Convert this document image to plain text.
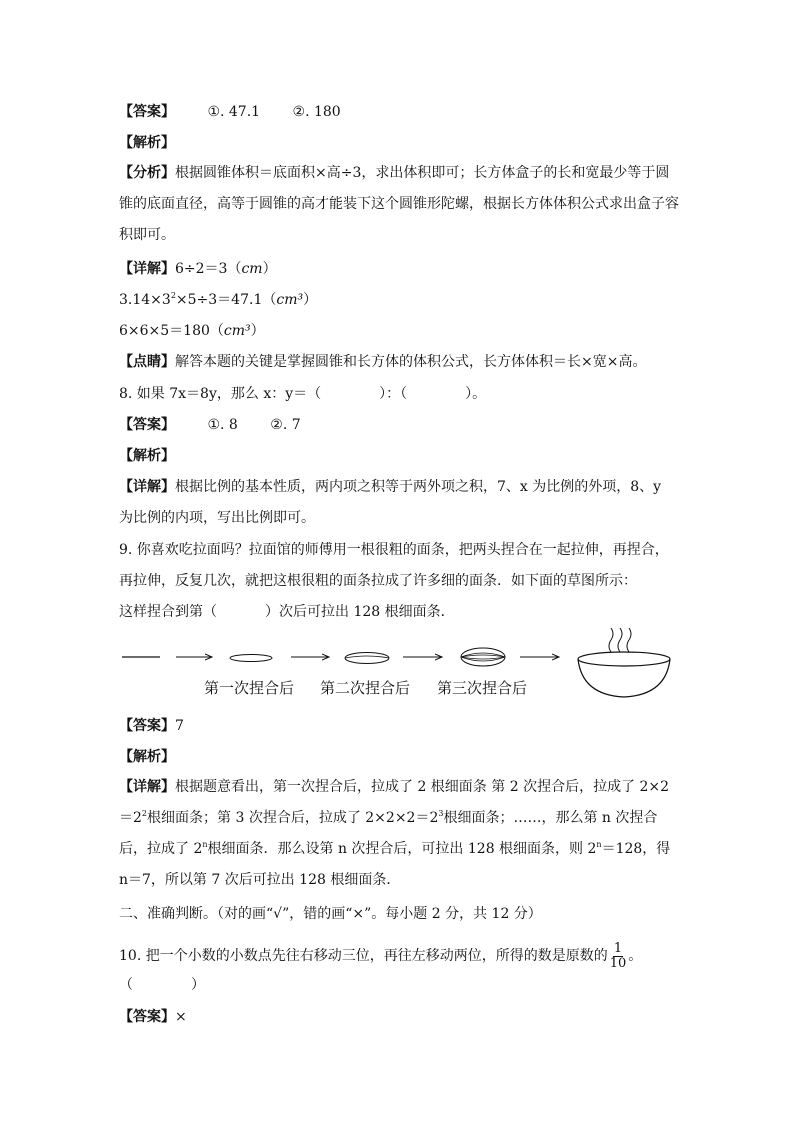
【答案】 ①. 47.1 ②. 180
【解析】
【分析】根据圆锥体积＝底面积×高÷3，求出体积即可；长方体盒子的长和宽最少等于圆锥的底面直径，高等于圆锥的高才能装下这个圆锥形陀螺，根据长方体体积公式求出盒子容积即可。
【详解】6÷2＝3（cm）
$3.14\times 3^2\times 5\div 3=47.1(cm^3)$
6×6×5＝180（cm³）
【点睛】解答本题的关键是掌握圆锥和长方体的体积公式，长方体体积＝长×宽×高。
8. 如果 7x＝8y，那么 x：y＝（	）：（	）。
【答案】 ①. 8 ②. 7
【解析】
【详解】根据比例的基本性质，两内项之积等于两外项之积，7、x 为比例的外项，8、y 为比例的内项，写出比例即可。
9. 你喜欢吃拉面吗？拉面馆的师傅用一根很粗的面条，把两头捏合在一起拉伸，再捏合，再拉伸，反复几次，就把这根很粗的面条拉成了许多细的面条．如下面的草图所示：
这样捏合到第（	）次后可拉出 128 根细面条．
第一次捏合后 第二次捏合后 第三次捏合后
【答案】7
【解析】
【详解】根据题意看出，第一次捏合后，拉成了 2 根细面条 第 2 次捏合后，拉成了 $2\times 2=2^2$根细面条；第 3 次捏合后，拉成了 $2\times 2\times 2=2^3$根细面条；……，那么第 n 次捏合后，拉成了 2$^n$根细面条．那么设第 n 次捏合后，可拉出 128 根细面条，则 $2^n=128$，得 n＝7，所以第 7 次后可拉出 128 根细面条．
二、准确判断。（对的画“√”，错的画“×”。每小题 2 分，共 12 分）
10. 把一个小数的小数点先往右移动三位，再往左移动两位，所得的数是原数的 $\frac{1}{10}$ 。
（	）
【答案】×
